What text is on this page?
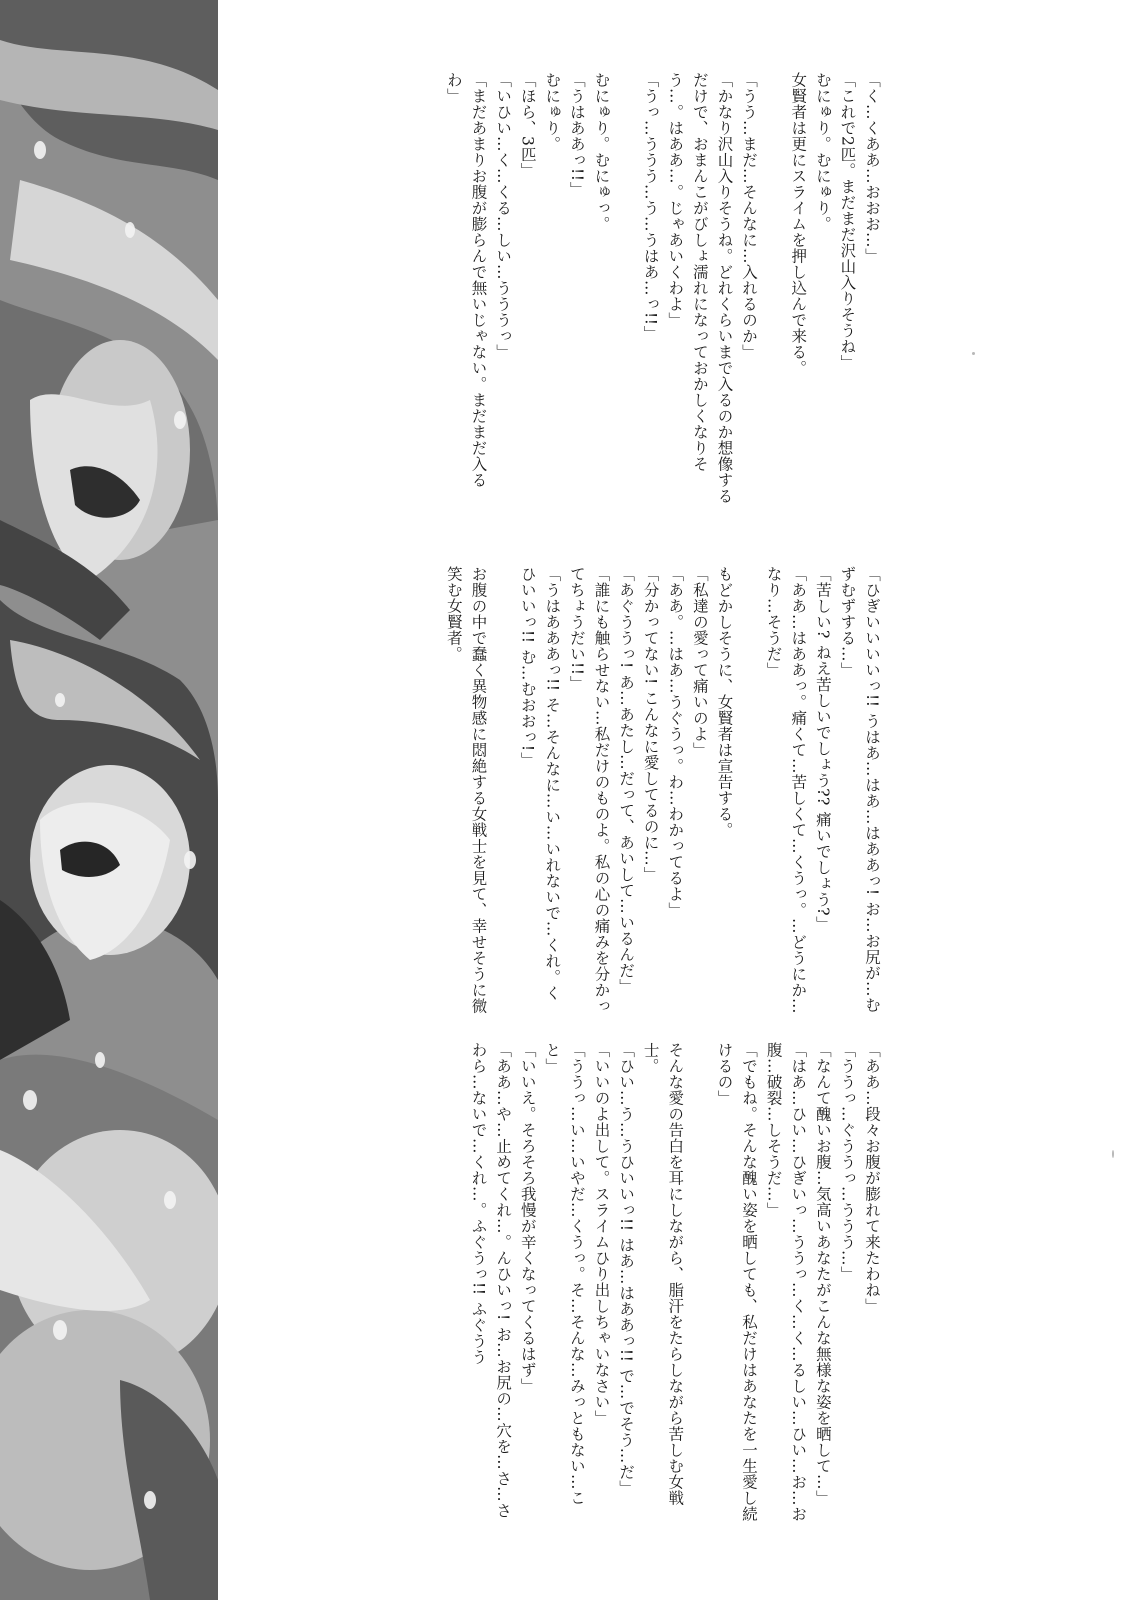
「く…くああ…おおお…」

「これで2匹。まだまだ沢山入りそうね」

むにゅり。むにゅり。

女賢者は更にスライムを押し込んで来る。

「うう…まだ…そんなに…入れるのか」

「かなり沢山入りそうね。どれくらいまで入るのか想像するだけで、おまんこがびしょ濡れになっておかしくなりそう…。はああ…。じゃあいくわよ」

「うっ…ううう…う…うはあ…っ!!」

むにゅり。むにゅっ。

「うはああっ!!」

むにゅり。

「ほら、3匹」

「いひい…く…くる…しい…うううっ」

「まだあまりお腹が膨らんで無いじゃない。まだまだ入るわ」

「ひぎいいいいっ!! うはあ…はあ…はああっ! お…お尻が…むずむずする…」

「苦しい? ねえ苦しいでしょう?? 痛いでしょう?」

「ああ…はああっ。痛くて…苦しくて…くうっ。…どうにか…なり…そうだ」

もどかしそうに、女賢者は宣告する。

「私達の愛って痛いのよ」

「ああ。…はあ…うぐうっ。わ…わかってるよ」

「分かってない! こんなに愛してるのに…」

「あぐううっ! あ…あたし…だって、あいして…いるんだ」

「誰にも触らせない…私だけのものよ。私の心の痛みを分かってちょうだい!!」

「うはあああっ!! そ…そんなに…い…いれないで…くれ。くひいいっ!! む…むおおっ!」

お腹の中で蠢く異物感に悶絶する女戦士を見て、幸せそうに微笑む女賢者。

「ああ…段々お腹が膨れて来たわね」

「ううっ…ぐううっ…ううう…」

「なんて醜いお腹…気高いあなたがこんな無様な姿を晒して…」

「はあ…ひい…ひぎいっ…ううっ…く…く…るしい…ひい…お…お腹…破裂…しそうだ…」

「でもね。そんな醜い姿を晒しても、私だけはあなたを一生愛し続けるの」

そんな愛の告白を耳にしながら、脂汗をたらしながら苦しむ女戦士。

「ひい…う…うひいいっ!! はあ…はああっ!! で…でそう…だ」

「いいのよ出して。スライムひり出しちゃいなさい」

「ううっ…い…いやだ…くうっ。そ…そんな…みっともない…こと」

「いいえ。そろそろ我慢が辛くなってくるはず」

「ああ…や…止めてくれ…。んひいっ! お…お尻の…穴を…さ…さわら…ないで…くれ…。ふぐうっ!! ふぐうう
